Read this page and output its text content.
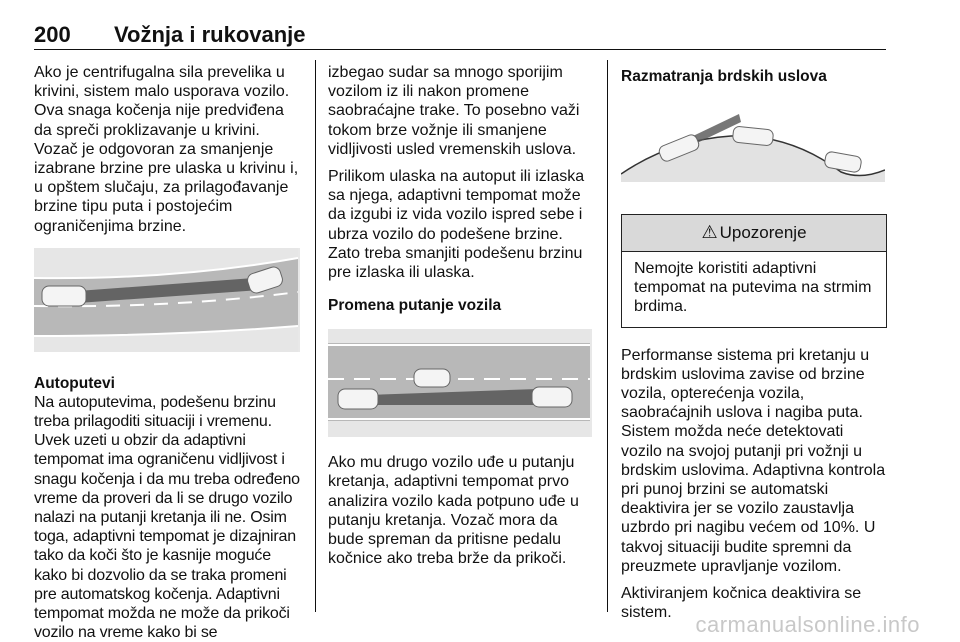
200 Vožnja i rukovanje

Ako je centrifugalna sila prevelika u krivini, sistem malo usporava vozilo. Ova snaga kočenja nije predviđena da spreči proklizavanje u krivini. Vozač je odgovoran za smanjenje izabrane brzine pre ulaska u krivinu i, u opštem slučaju, za prilagođavanje brzine tipu puta i postojećim ograničenjima brzine.

Autoputevi

Na autoputevima, podešenu brzinu treba prilagoditi situaciji i vremenu. Uvek uzeti u obzir da adaptivni tempomat ima ograničenu vidljivost i snagu kočenja i da mu treba određeno vreme da proveri da li se drugo vozilo nalazi na putanji kretanja ili ne. Osim toga, adaptivni tempomat je dizajniran tako da koči što je kasnije moguće kako bi dozvolio da se traka promeni pre automatskog kočenja. Adaptivni tempomat možda ne može da prikoči vozilo na vreme kako bi se

izbegao sudar sa mnogo sporijim vozilom iz ili nakon promene saobraćajne trake. To posebno važi tokom brze vožnje ili smanjene vidljivosti usled vremenskih uslova.

Prilikom ulaska na autoput ili izlaska sa njega, adaptivni tempomat može da izgubi iz vida vozilo ispred sebe i ubrza vozilo do podešene brzine. Zato treba smanjiti podešenu brzinu pre izlaska ili ulaska.

Promena putanje vozila

Ako mu drugo vozilo uđe u putanju kretanja, adaptivni tempomat prvo analizira vozilo kada potpuno uđe u putanju kretanja. Vozač mora da bude spreman da pritisne pedalu kočnice ako treba brže da prikoči.

Razmatranja brdskih uslova
⚠ Upozorenje
Nemojte koristiti adaptivni tempomat na putevima na strmim brdima.

Performanse sistema pri kretanju u brdskim uslovima zavise od brzine vozila, opterećenja vozila, saobraćajnih uslova i nagiba puta. Sistem možda neće detektovati vozilo na svojoj putanji pri vožnji u brdskim uslovima. Adaptivna kontrola pri punoj brzini se automatski deaktivira jer se vozilo zaustavlja uzbrdo pri nagibu većem od 10%. U takvoj situaciji budite spremni da preuzmete upravljanje vozilom.

Aktiviranjem kočnica deaktivira se sistem.	carmanualsonline.info
